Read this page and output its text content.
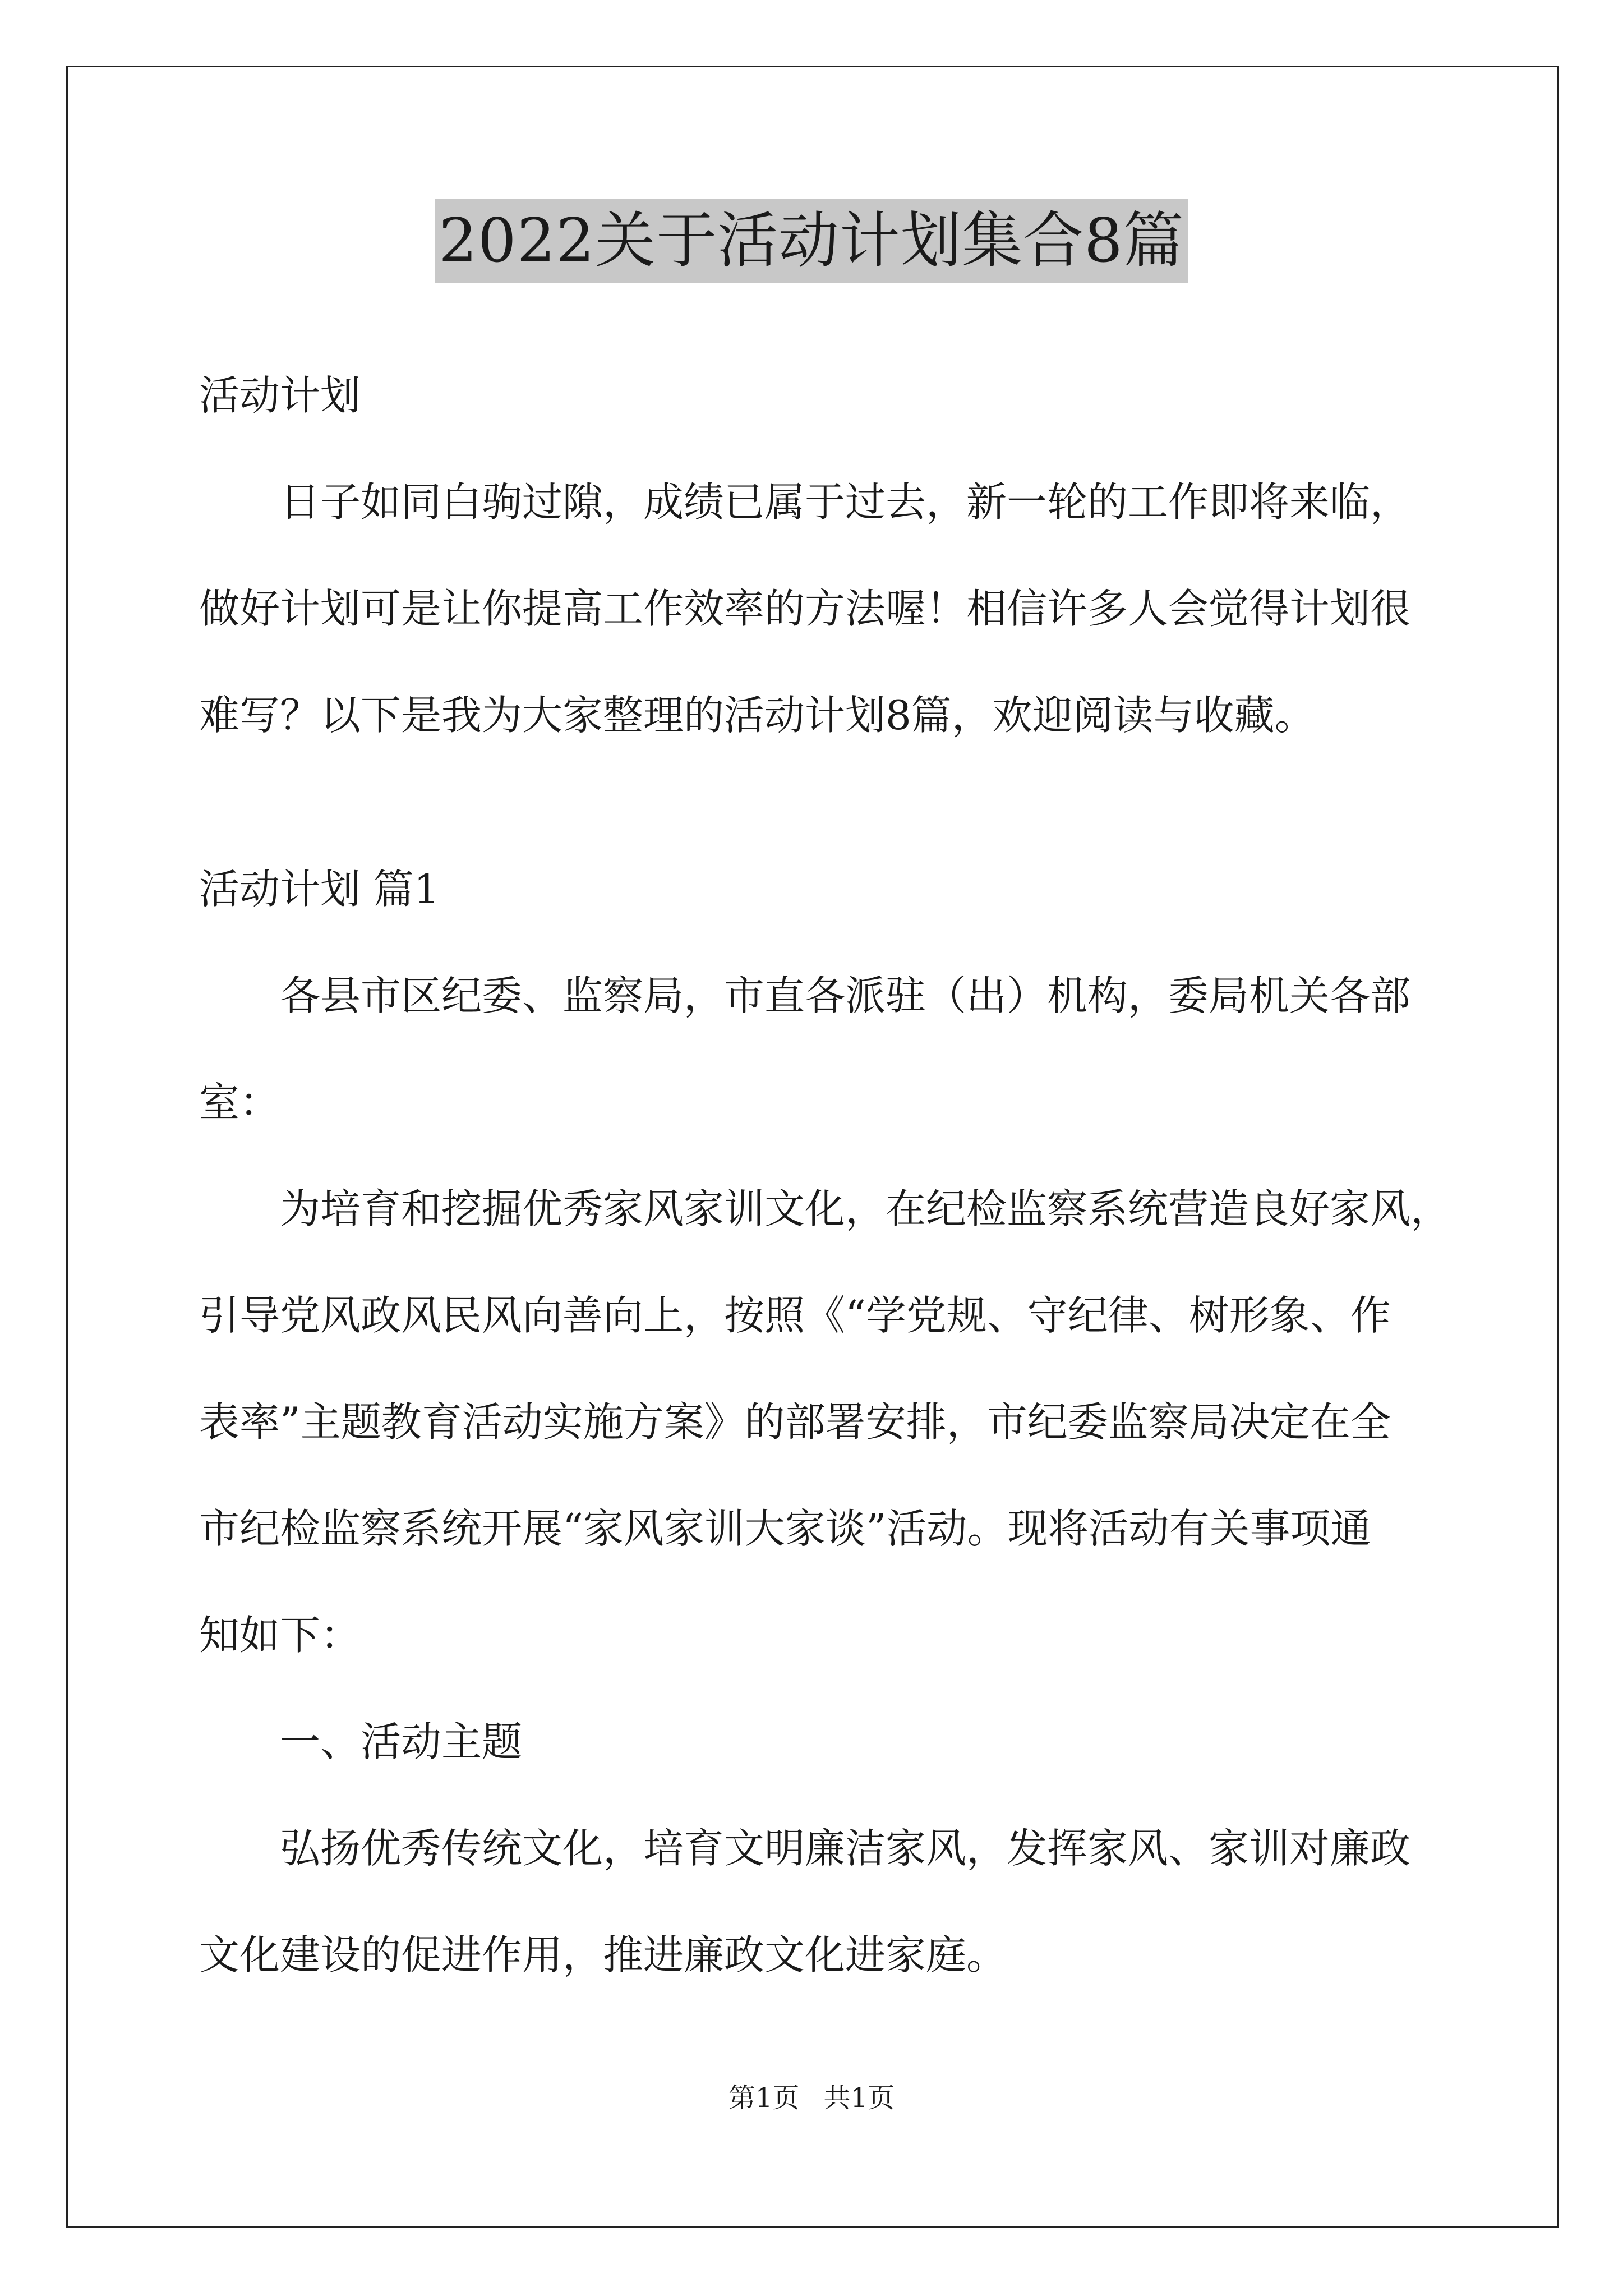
2022关于活动计划集合8篇
活动计划
日子如同白驹过隙，成绩已属于过去，新一轮的工作即将来临，
做好计划可是让你提高工作效率的方法喔！相信许多人会觉得计划很
难写？以下是我为大家整理的活动计划8篇，欢迎阅读与收藏。
活动计划 篇1
各县市区纪委、监察局，市直各派驻（出）机构，委局机关各部
室：
为培育和挖掘优秀家风家训文化，在纪检监察系统营造良好家风，
引导党风政风民风向善向上，按照《“学党规、守纪律、树形象、作
表率”主题教育活动实施方案》的部署安排，市纪委监察局决定在全
市纪检监察系统开展“家风家训大家谈”活动。现将活动有关事项通
知如下：
一、活动主题
弘扬优秀传统文化，培育文明廉洁家风，发挥家风、家训对廉政
文化建设的促进作用，推进廉政文化进家庭。
第1页 共1页
